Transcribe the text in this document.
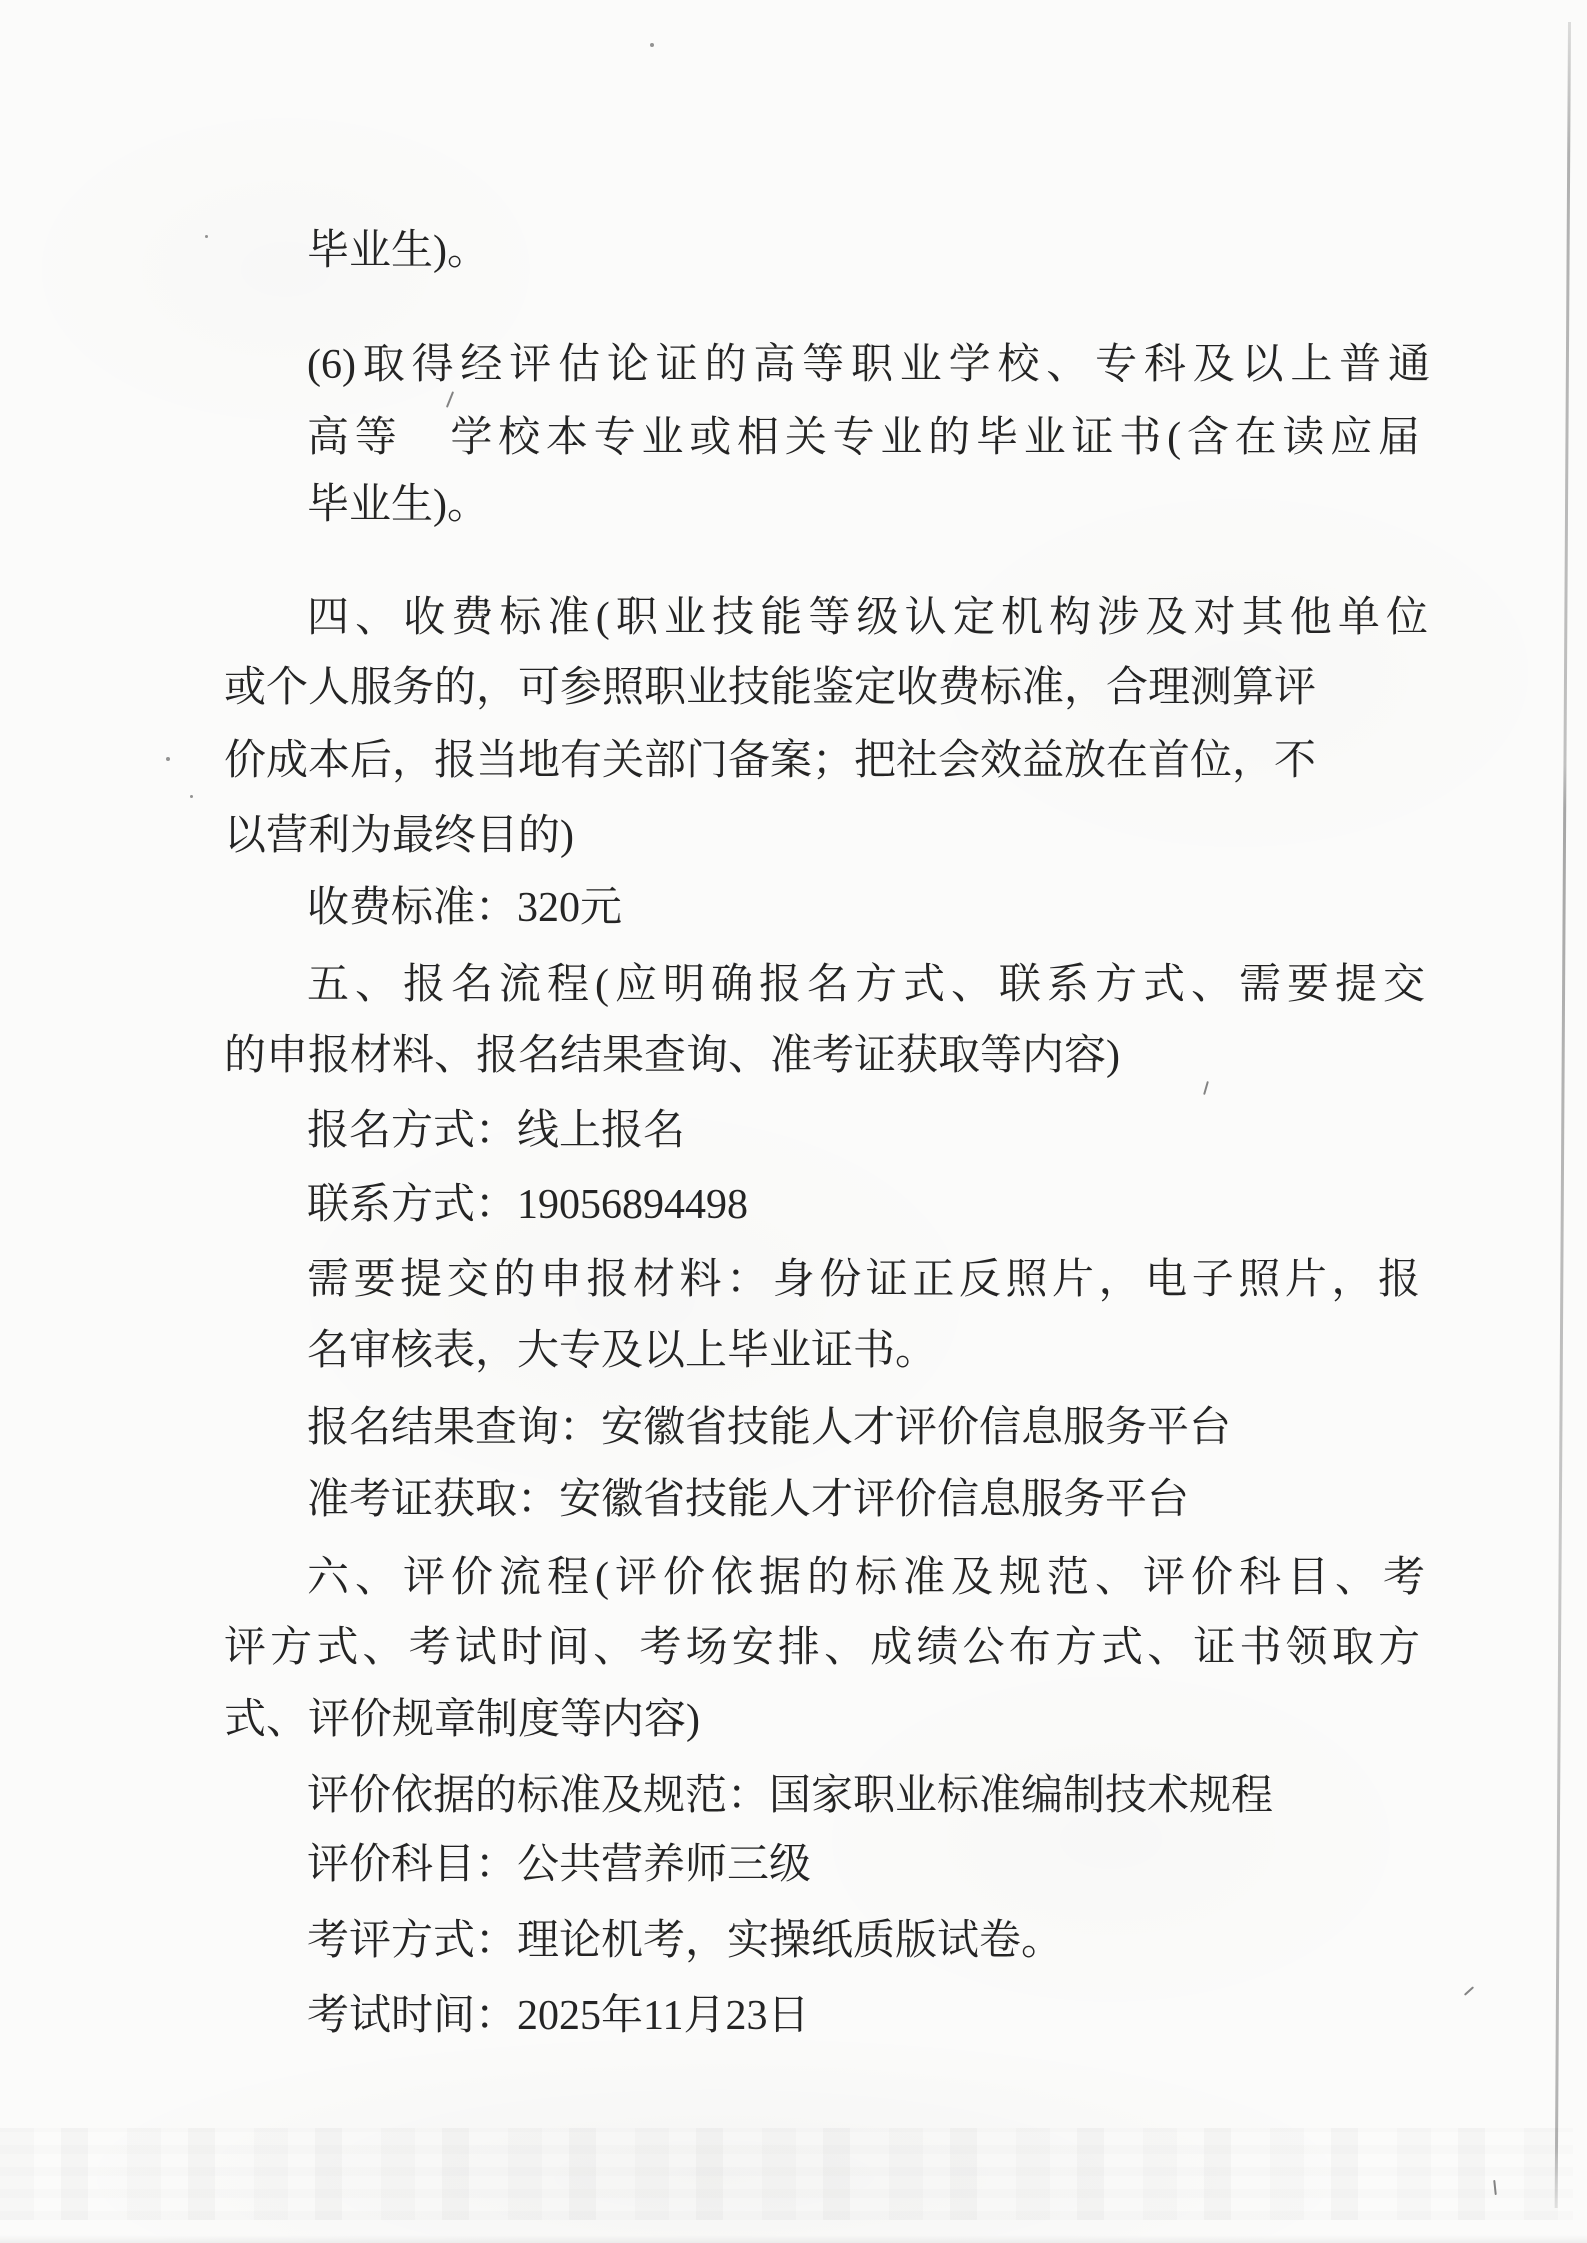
毕业生)。
(6)取得经评估论证的高等职业学校、专科及以上普通
高等　学校本专业或相关专业的毕业证书(含在读应届
毕业生)。
四、收费标准(职业技能等级认定机构涉及对其他单位
或个人服务的，可参照职业技能鉴定收费标准，合理测算评
价成本后，报当地有关部门备案；把社会效益放在首位，不
以营利为最终目的)
收费标准：320元
五、报名流程(应明确报名方式、联系方式、需要提交
的申报材料、报名结果查询、准考证获取等内容)
报名方式：线上报名
联系方式：19056894498
需要提交的申报材料：身份证正反照片，电子照片，报
名审核表，大专及以上毕业证书。
报名结果查询：安徽省技能人才评价信息服务平台
准考证获取：安徽省技能人才评价信息服务平台
六、评价流程(评价依据的标准及规范、评价科目、考
评方式、考试时间、考场安排、成绩公布方式、证书领取方
式、评价规章制度等内容)
评价依据的标准及规范：国家职业标准编制技术规程
评价科目：公共营养师三级
考评方式：理论机考，实操纸质版试卷。
考试时间：2025年11月23日
